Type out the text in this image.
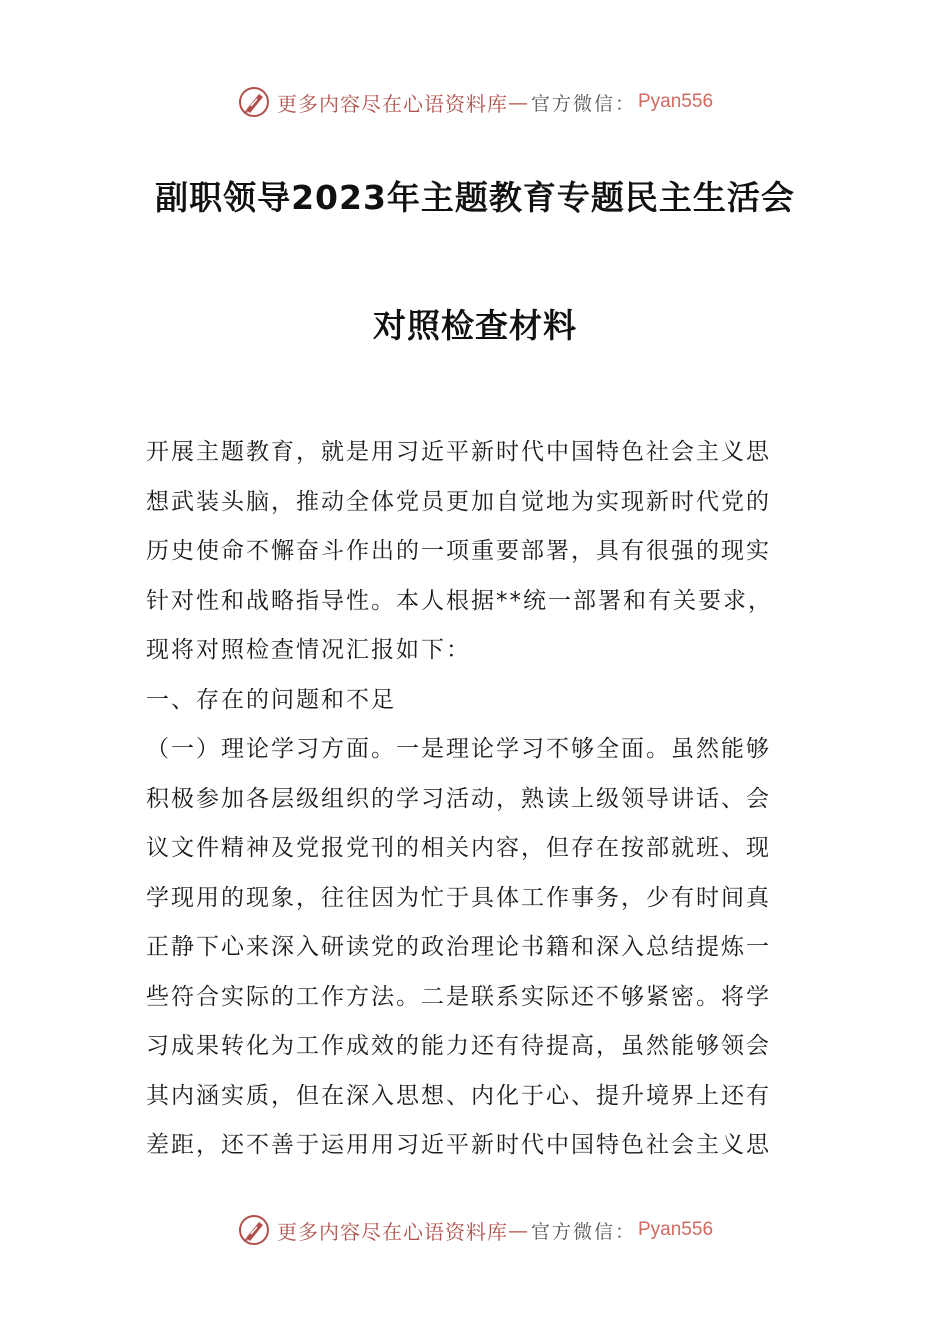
更多内容尽在心语资料库 — 官方微信： Pyan556
副职领导2023年主题教育专题民主生活会
对照检查材料

开展主题教育，就是用习近平新时代中国特色社会主义思
想武装头脑，推动全体党员更加自觉地为实现新时代党的
历史使命不懈奋斗作出的一项重要部署，具有很强的现实
针对性和战略指导性。本人根据**统一部署和有关要求，
现将对照检查情况汇报如下：

一、存在的问题和不足

（一）理论学习方面。一是理论学习不够全面。虽然能够
积极参加各层级组织的学习活动，熟读上级领导讲话、会
议文件精神及党报党刊的相关内容，但存在按部就班、现
学现用的现象，往往因为忙于具体工作事务，少有时间真
正静下心来深入研读党的政治理论书籍和深入总结提炼一
些符合实际的工作方法。二是联系实际还不够紧密。将学
习成果转化为工作成效的能力还有待提高，虽然能够领会
其内涵实质，但在深入思想、内化于心、提升境界上还有
差距，还不善于运用用习近平新时代中国特色社会主义思

更多内容尽在心语资料库 — 官方微信： Pyan556
